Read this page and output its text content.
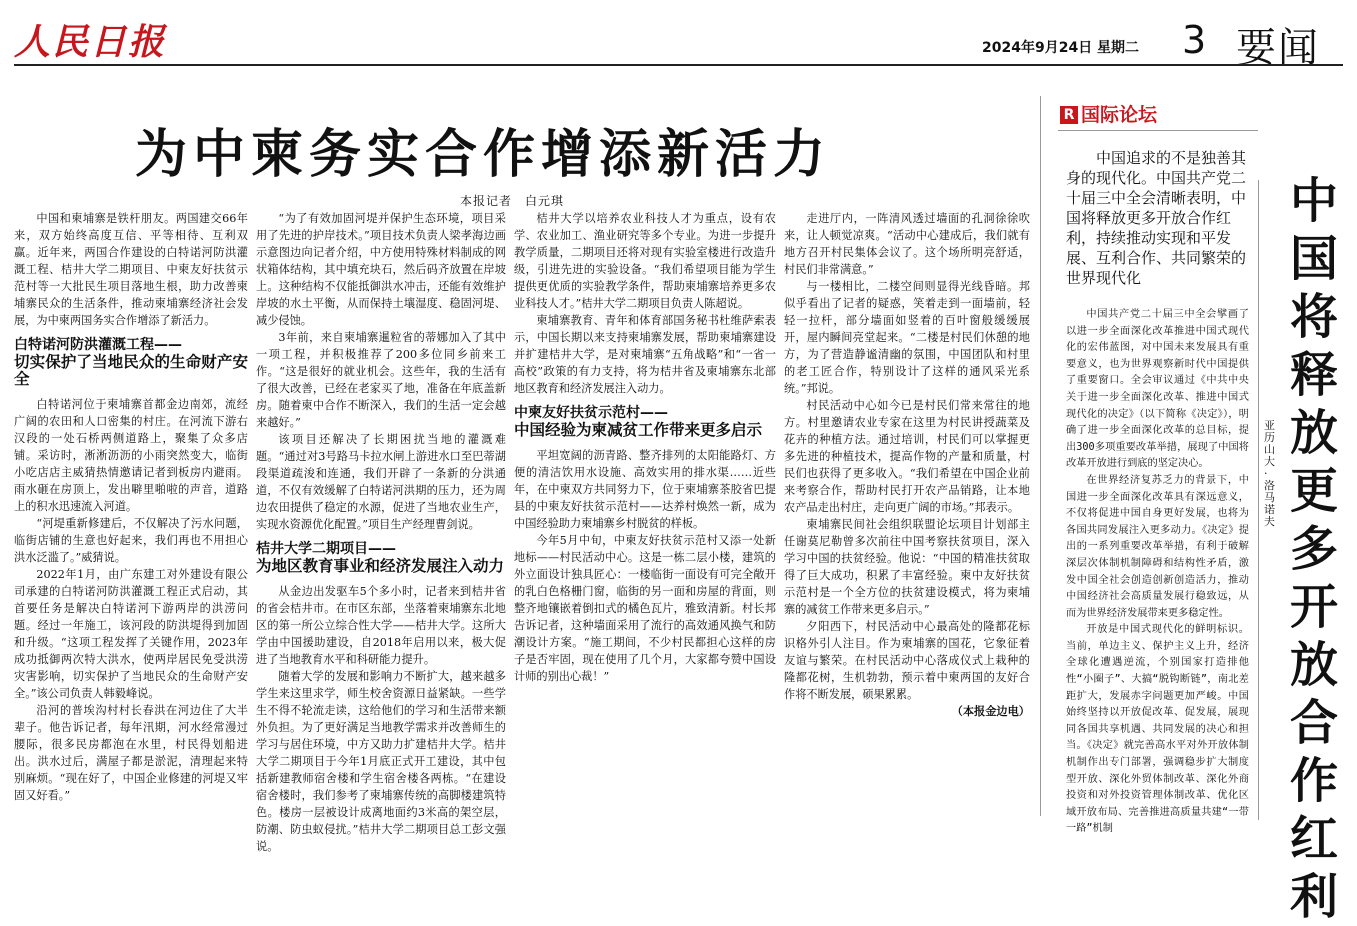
人民日报	2024年9月24日 星期二 3 要闻
为中柬务实合作增添新活力
本报记者　白元琪

中国和柬埔寨是铁杆朋友。两国建交66年来，双方始终高度互信、平等相待、互利双赢。近年来，两国合作建设的白特诺河防洪灌溉工程、桔井大学二期项目、中柬友好扶贫示范村等一大批民生项目落地生根，助力改善柬埔寨民众的生活条件，推动柬埔寨经济社会发展，为中柬两国务实合作增添了新活力。

白特诺河防洪灌溉工程——
切实保护了当地民众的生命财产安全

白特诺河位于柬埔寨首都金边南郊，流经广阔的农田和人口密集的村庄。在河流下游右汉段的一处石桥两侧道路上，聚集了众多店铺。采访时，淅淅沥沥的小雨突然变大，临街小吃店店主威猜热情邀请记者到板房内避雨。雨水砸在房顶上，发出噼里啪啦的声音，道路上的积水迅速流入河道。

“河堤重新修建后，不仅解决了污水问题，临街店铺的生意也好起来，我们再也不用担心洪水泛滥了。”威猜说。

2022年1月，由广东建工对外建设有限公司承建的白特诺河防洪灌溉工程正式启动，其首要任务是解决白特诺河下游两岸的洪涝问题。经过一年施工，该河段的防洪堤得到加固和升级。“这项工程发挥了关键作用，2023年成功抵御两次特大洪水，使两岸居民免受洪涝灾害影响，切实保护了当地民众的生命财产安全。”该公司负责人韩毅峰说。

沿河的普埃沟村村长春洪在河边住了大半辈子。他告诉记者，每年汛期，河水经常漫过腰际，很多民房都泡在水里，村民得划船进出。洪水过后，满屋子都是淤泥，清理起来特别麻烦。“现在好了，中国企业修建的河堤又牢固又好看。”

“为了有效加固河堤并保护生态环境，项目采用了先进的护岸技术。”项目技术负责人梁孝海边画示意图边向记者介绍，中方使用特殊材料制成的网状箱体结构，其中填充块石，然后码齐放置在岸坡上。这种结构不仅能抵御洪水冲击，还能有效维护岸坡的水土平衡，从而保持土壤湿度、稳固河堤、减少侵蚀。

3年前，来自柬埔寨暹粒省的蒂娜加入了其中一项工程，并积极推荐了200多位同乡前来工作。“这是很好的就业机会。这些年，我的生活有了很大改善，已经在老家买了地，准备在年底盖新房。随着柬中合作不断深入，我们的生活一定会越来越好。”

该项目还解决了长期困扰当地的灌溉难题。“通过对3号路马卡拉水闸上游进水口至巴蒂湖段渠道疏浚和连通，我们开辟了一条新的分洪通道，不仅有效缓解了白特诺河洪期的压力，还为周边农田提供了稳定的水源，促进了当地农业生产，实现水资源优化配置。”项目生产经理曹剑说。

桔井大学二期项目——
为地区教育事业和经济发展注入动力

从金边出发驱车5个多小时，记者来到桔井省的省会桔井市。在市区东部，坐落着柬埔寨东北地区的第一所公立综合性大学——桔井大学。这所大学由中国援助建设，自2018年启用以来，极大促进了当地教育水平和科研能力提升。

随着大学的发展和影响力不断扩大，越来越多学生来这里求学，师生校舍资源日益紧缺。一些学生不得不轮流走读，这给他们的学习和生活带来额外负担。为了更好满足当地教学需求并改善师生的学习与居住环境，中方又助力扩建桔井大学。桔井大学二期项目于今年1月底正式开工建设，其中包括新建教师宿舍楼和学生宿舍楼各两栋。“在建设宿舍楼时，我们参考了柬埔寨传统的高脚楼建筑特色。楼房一层被设计成离地面约3米高的架空层，防潮、防虫蚁侵扰。”桔井大学二期项目总工彭文强说。

桔井大学以培养农业科技人才为重点，设有农学、农业加工、渔业研究等多个专业。为进一步提升教学质量，二期项目还将对现有实验室楼进行改造升级，引进先进的实验设备。“我们希望项目能为学生提供更优质的实验教学条件，帮助柬埔寨培养更多农业科技人才。”桔井大学二期项目负责人陈超说。

柬埔寨教育、青年和体育部国务秘书杜维萨索表示，中国长期以来支持柬埔寨发展，帮助柬埔寨建设并扩建桔井大学，是对柬埔寨“五角战略”和“一省一高校”政策的有力支持，将为桔井省及柬埔寨东北部地区教育和经济发展注入动力。

中柬友好扶贫示范村——
中国经验为柬减贫工作带来更多启示

平坦宽阔的沥青路、整齐排列的太阳能路灯、方便的清洁饮用水设施、高效实用的排水渠……近些年，在中柬双方共同努力下，位于柬埔寨茶胶省巴提县的中柬友好扶贫示范村——达养村焕然一新，成为中国经验助力柬埔寨乡村脱贫的样板。

今年5月中旬，中柬友好扶贫示范村又添一处新地标——村民活动中心。这是一栋二层小楼，建筑的外立面设计独具匠心：一楼临街一面设有可完全敞开的乳白色格栅门窗，临街的另一面和房屋的背面，则整齐地镶嵌着倒扣式的橘色瓦片，雅致清新。村长邦告诉记者，这种墙面采用了流行的高效通风换气和防潮设计方案。“施工期间，不少村民都担心这样的房子是否牢固，现在使用了几个月，大家都夸赞中国设计师的别出心裁！”

走进厅内，一阵清风透过墙面的孔洞徐徐吹来，让人顿觉凉爽。“活动中心建成后，我们就有地方召开村民集体会议了。这个场所明亮舒适，村民们非常满意。”

与一楼相比，二楼空间则显得光线昏暗。邦似乎看出了记者的疑惑，笑着走到一面墙前，轻轻一拉杆，部分墙面如竖着的百叶窗般缓缓展开，屋内瞬间亮堂起来。“二楼是村民们休憩的地方，为了营造静谧清幽的氛围，中国团队和村里的老工匠合作，特别设计了这样的通风采光系统。”邦说。

村民活动中心如今已是村民们常来常往的地方。村里邀请农业专家在这里为村民讲授蔬菜及花卉的种植方法。通过培训，村民们可以掌握更多先进的种植技术，提高作物的产量和质量，村民们也获得了更多收入。“我们希望在中国企业前来考察合作，帮助村民打开农产品销路，让本地农产品走出村庄，走向更广阔的市场。”邦表示。

柬埔寨民间社会组织联盟论坛项目计划部主任谢莫尼勒曾多次前往中国考察扶贫项目，深入学习中国的扶贫经验。他说：“中国的精准扶贫取得了巨大成功，积累了丰富经验。柬中友好扶贫示范村是一个全方位的扶贫建设模式，将为柬埔寨的减贫工作带来更多启示。”

夕阳西下，村民活动中心最高处的隆都花标识格外引人注目。作为柬埔寨的国花，它象征着友谊与繁荣。在村民活动中心落成仪式上栽种的隆都花树，生机勃勃，预示着中柬两国的友好合作将不断发展，硕果累累。

（本报金边电）
R 国际论坛
中国追求的不是独善其身的现代化。中国共产党二十届三中全会清晰表明，中国将释放更多开放合作红利，持续推动实现和平发展、互利合作、共同繁荣的世界现代化

中国共产党二十届三中全会擘画了以进一步全面深化改革推进中国式现代化的宏伟蓝图，对中国未来发展具有重要意义，也为世界观察新时代中国提供了重要窗口。全会审议通过《中共中央关于进一步全面深化改革、推进中国式现代化的决定》（以下简称《决定》），明确了进一步全面深化改革的总目标，提出300多项重要改革举措，展现了中国将改革开放进行到底的坚定决心。

在世界经济复苏乏力的背景下，中国进一步全面深化改革具有深远意义，不仅将促进中国自身更好发展，也将为各国共同发展注入更多动力。《决定》提出的一系列重要改革举措，有利于破解深层次体制机制障碍和结构性矛盾，激发中国全社会创造创新创造活力，推动中国经济社会高质量发展行稳致远，从而为世界经济发展带来更多稳定性。

开放是中国式现代化的鲜明标识。当前，单边主义、保护主义上升，经济全球化遭遇逆流，个别国家打造排他性“小圈子”、大搞“脱钩断链”，南北差距扩大，发展赤字问题更加严峻。中国始终坚持以开放促改革、促发展，展现同各国共享机遇、共同发展的决心和担当。《决定》就完善高水平对外开放体制机制作出专门部署，强调稳步扩大制度型开放、深化外贸体制改革、深化外商投资和对外投资管理体制改革、优化区域开放布局、完善推进高质量共建“一带一路”机制

亚历山大·洛马诺夫
中国将释放更多开放合作红利
